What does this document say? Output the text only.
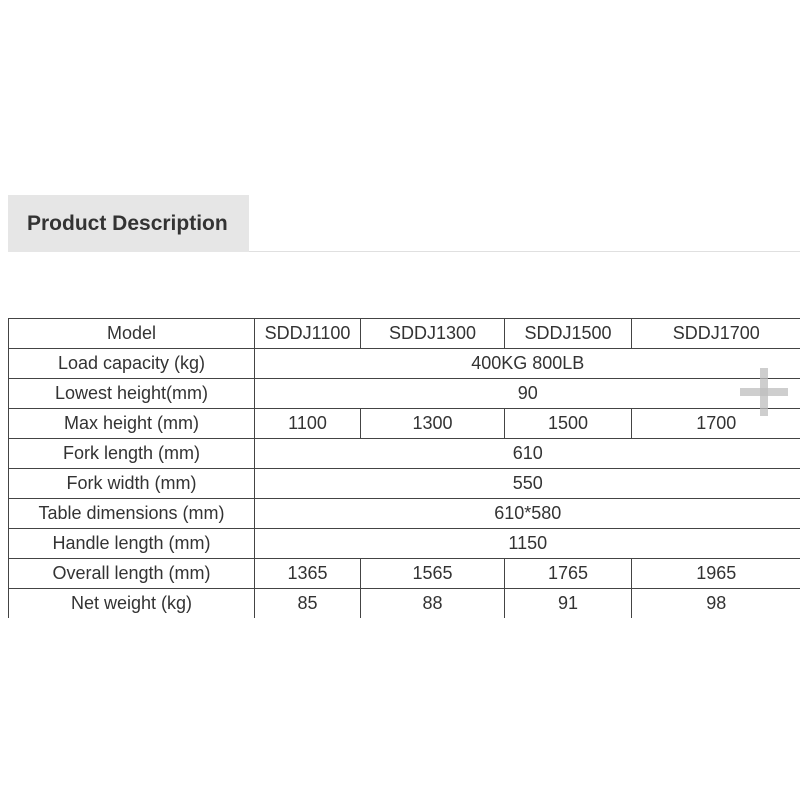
Product Description
Model	SDDJ1100	SDDJ1300	SDDJ1500	SDDJ1700
Load capacity (kg)	400KG 800LB			
Lowest height(mm)	90			
Max height (mm)	1100	1300	1500	1700
Fork length (mm)	610			
Fork width (mm)	550			
Table dimensions (mm)	610*580			
Handle length (mm)	1150			
Overall length (mm)	1365	1565	1765	1965
Net weight (kg)	85	88	91	98
